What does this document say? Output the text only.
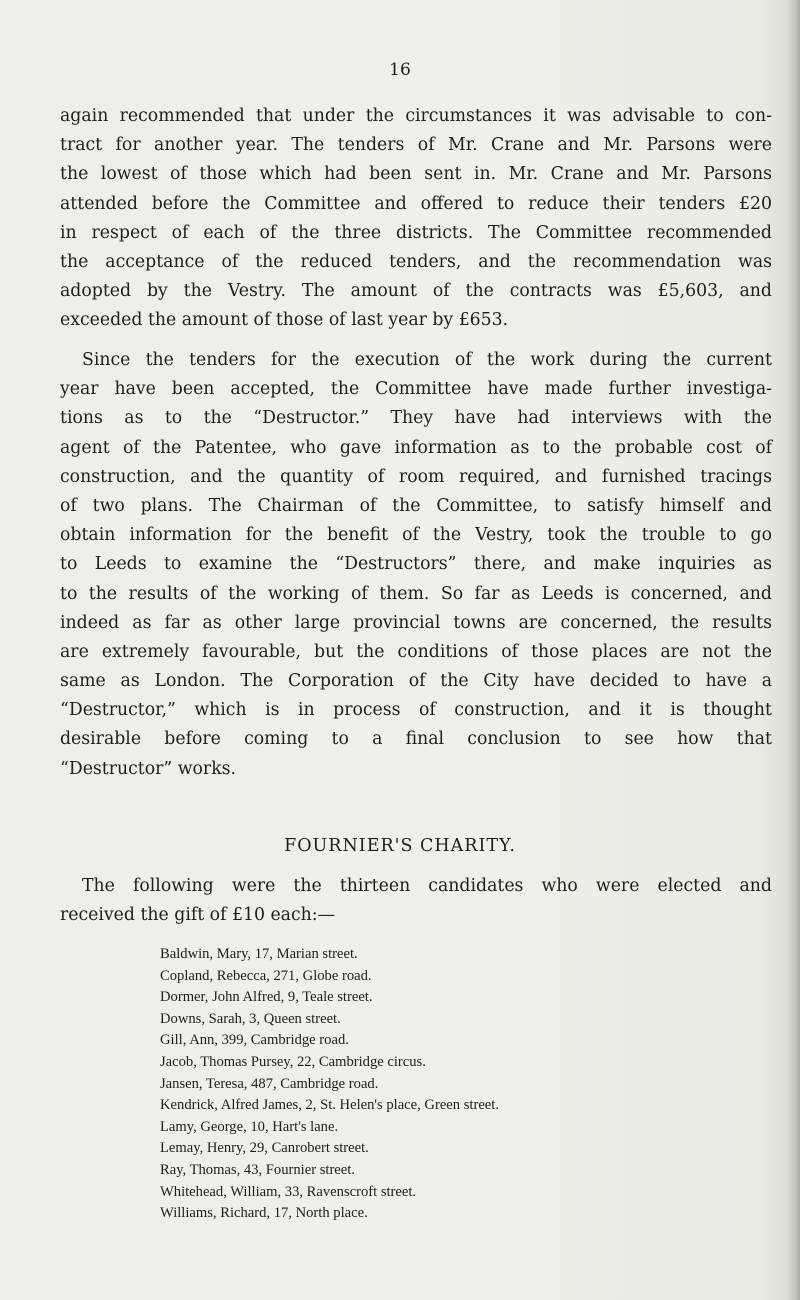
16
again recommended that under the circumstances it was advisable to con-
tract for another year. The tenders of Mr. Crane and Mr. Parsons were
the lowest of those which had been sent in. Mr. Crane and Mr. Parsons
attended before the Committee and offered to reduce their tenders £20
in respect of each of the three districts. The Committee recommended
the acceptance of the reduced tenders, and the recommendation was
adopted by the Vestry. The amount of the contracts was £5,603, and
exceeded the amount of those of last year by £653.
Since the tenders for the execution of the work during the current
year have been accepted, the Committee have made further investiga-
tions as to the “Destructor.” They have had interviews with the
agent of the Patentee, who gave information as to the probable cost of
construction, and the quantity of room required, and furnished tracings
of two plans. The Chairman of the Committee, to satisfy himself and
obtain information for the benefit of the Vestry, took the trouble to go
to Leeds to examine the “Destructors” there, and make inquiries as
to the results of the working of them. So far as Leeds is concerned, and
indeed as far as other large provincial towns are concerned, the results
are extremely favourable, but the conditions of those places are not the
same as London. The Corporation of the City have decided to have a
“Destructor,” which is in process of construction, and it is thought
desirable before coming to a final conclusion to see how that
“Destructor” works.
FOURNIER'S CHARITY.
The following were the thirteen candidates who were elected and
received the gift of £10 each:—
Baldwin, Mary, 17, Marian street.
Copland, Rebecca, 271, Globe road.
Dormer, John Alfred, 9, Teale street.
Downs, Sarah, 3, Queen street.
Gill, Ann, 399, Cambridge road.
Jacob, Thomas Pursey, 22, Cambridge circus.
Jansen, Teresa, 487, Cambridge road.
Kendrick, Alfred James, 2, St. Helen's place, Green street.
Lamy, George, 10, Hart's lane.
Lemay, Henry, 29, Canrobert street.
Ray, Thomas, 43, Fournier street.
Whitehead, William, 33, Ravenscroft street.
Williams, Richard, 17, North place.
